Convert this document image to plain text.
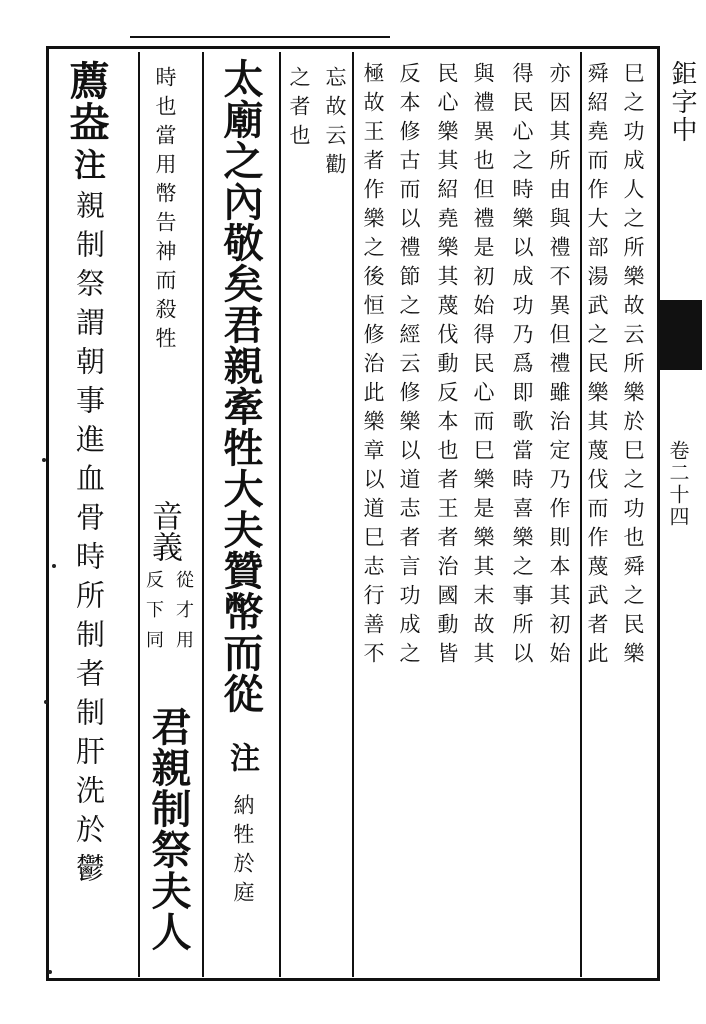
鉅字中
卷二十四
巳之功成人之所樂故云所樂於巳之功也舜之民樂
舜紹堯而作大部湯武之民樂其蔑伐而作蔑武者此
亦因其所由與禮不異但禮雖治定乃作則本其初始
得民心之時樂以成功乃爲即歌當時喜樂之事所以
與禮異也但禮是初始得民心而巳樂是樂其末故其
民心樂其紹堯樂其蔑伐動反本也者王者治國動皆
反本修古而以禮節之經云修樂以道志者言功成之
極故王者作樂之後恒修治此樂章以道巳志行善不
忘故云勸
之者也
太廟之內敬矣君親牽牲大夫贊幣而從
注
納牲於庭
時也當用幣告神而殺牲
音義
從才用
反下同
君親制祭夫人
薦盎
注
親制祭謂朝事進血骨時所制者制肝洗於鬱
